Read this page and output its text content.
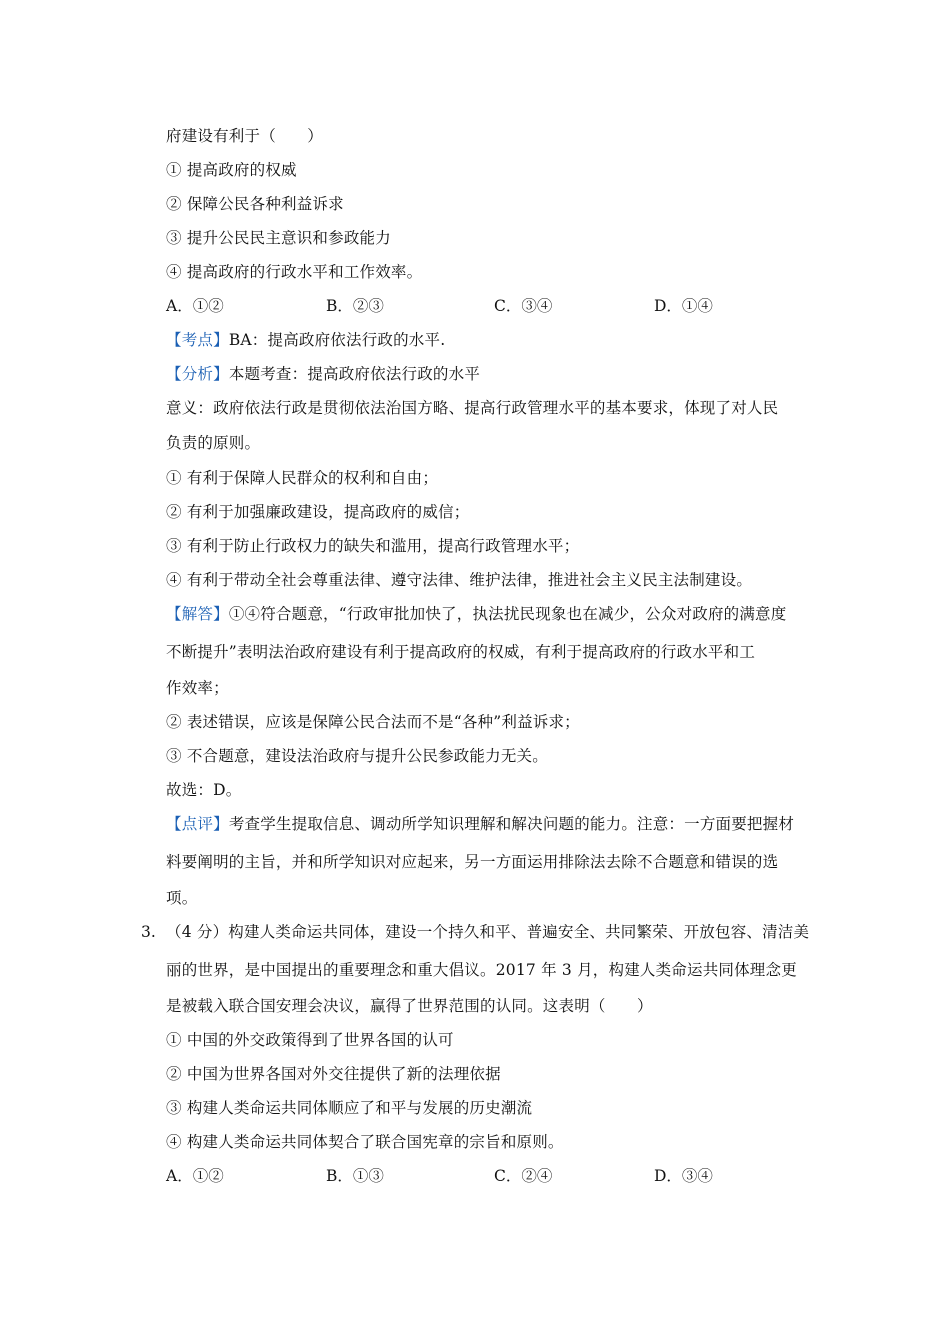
府建设有利于（　　）
① 提高政府的权威
② 保障公民各种利益诉求
③ 提升公民民主意识和参政能力
④ 提高政府的行政水平和工作效率。
A．①②	B．②③	C．③④	D．①④
【考点】BA：提高政府依法行政的水平.
【分析】本题考查：提高政府依法行政的水平
意义：政府依法行政是贯彻依法治国方略、提高行政管理水平的基本要求，体现了对人民
负责的原则。
① 有利于保障人民群众的权利和自由；
② 有利于加强廉政建设，提高政府的威信；
③ 有利于防止行政权力的缺失和滥用，提高行政管理水平；
④ 有利于带动全社会尊重法律、遵守法律、维护法律，推进社会主义民主法制建设。
【解答】①④符合题意，“行政审批加快了，执法扰民现象也在减少，公众对政府的满意度
不断提升”表明法治政府建设有利于提高政府的权威，有利于提高政府的行政水平和工
作效率；
② 表述错误，应该是保障公民合法而不是“各种”利益诉求；
③ 不合题意，建设法治政府与提升公民参政能力无关。
故选：D。
【点评】考查学生提取信息、调动所学知识理解和解决问题的能力。注意：一方面要把握材
料要阐明的主旨，并和所学知识对应起来，另一方面运用排除法去除不合题意和错误的选
项。
3. （4 分）构建人类命运共同体，建设一个持久和平、普遍安全、共同繁荣、开放包容、清洁美
丽的世界，是中国提出的重要理念和重大倡议。2017 年 3 月，构建人类命运共同体理念更
是被载入联合国安理会决议，赢得了世界范围的认同。这表明（　　）
① 中国的外交政策得到了世界各国的认可
② 中国为世界各国对外交往提供了新的法理依据
③ 构建人类命运共同体顺应了和平与发展的历史潮流
④ 构建人类命运共同体契合了联合国宪章的宗旨和原则。
A．①②	B．①③	C．②④	D．③④
